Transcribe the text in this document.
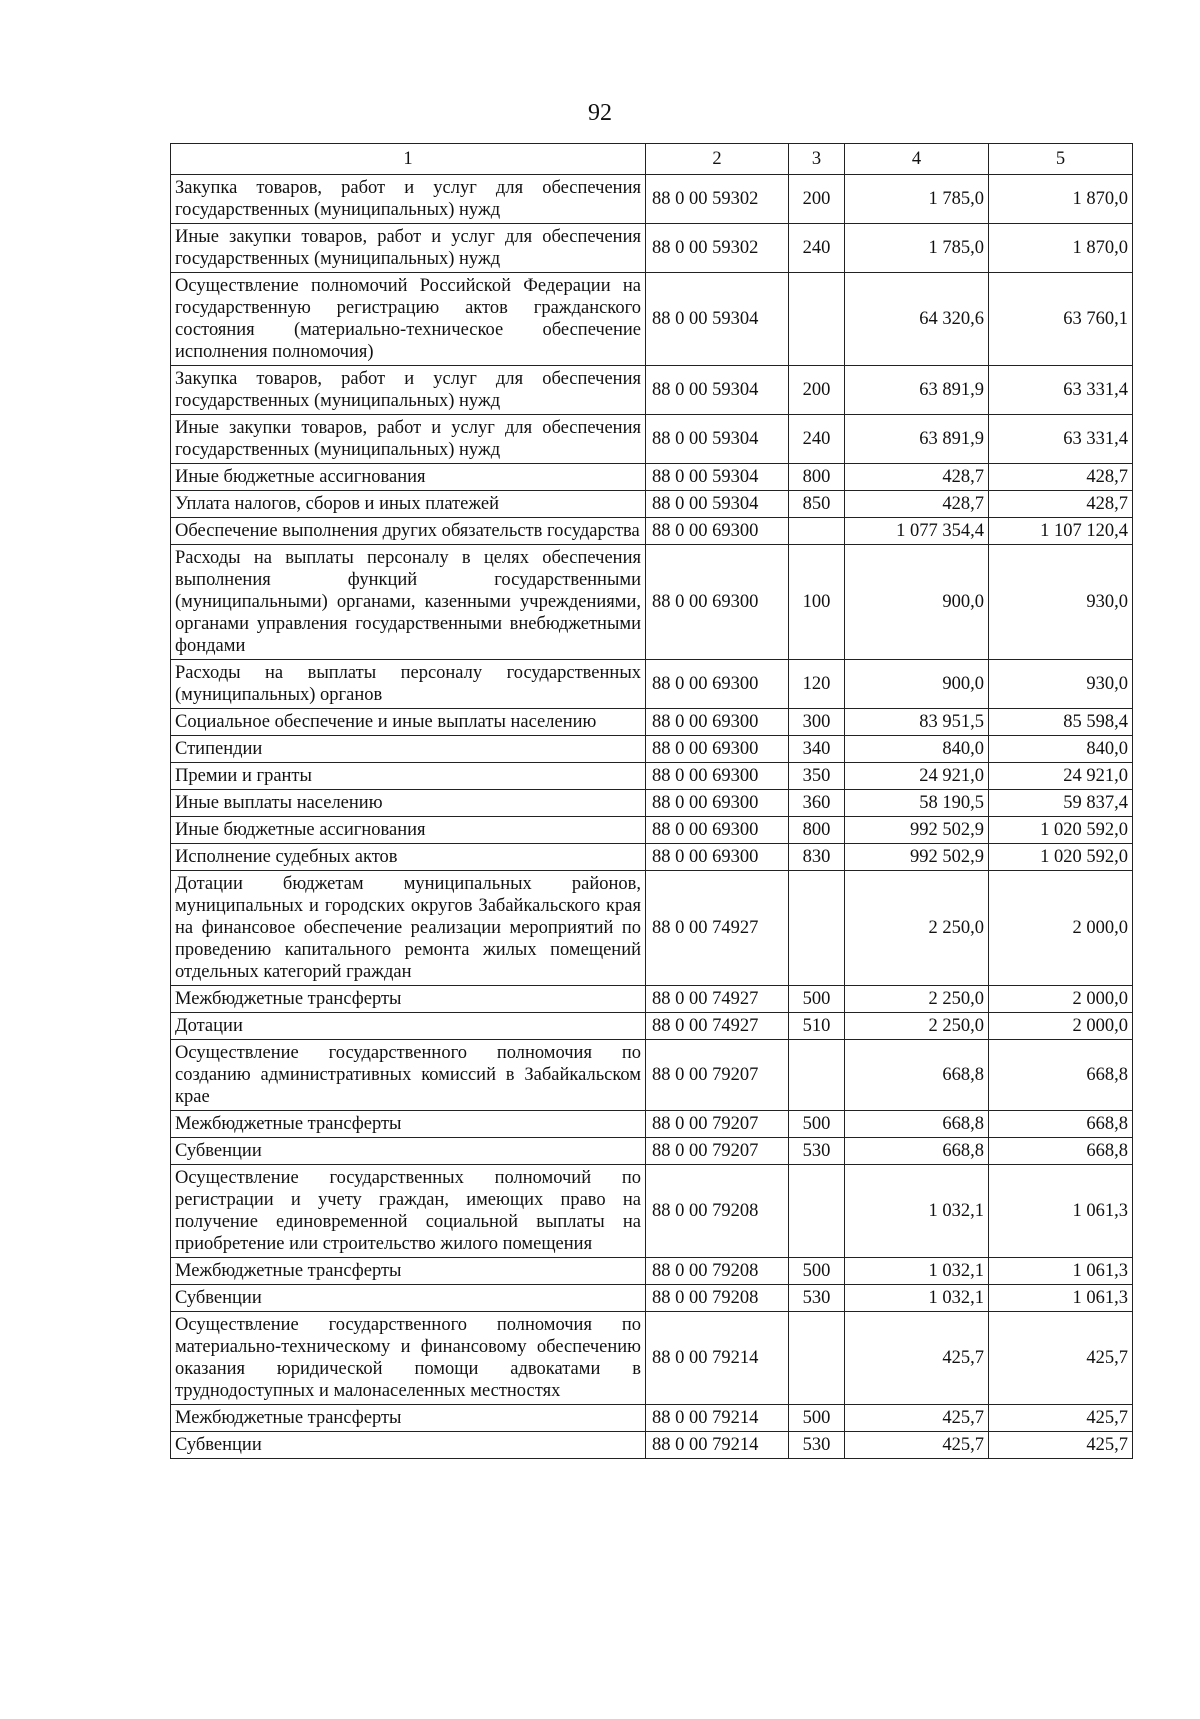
92
1	2	3	4	5
Закупка товаров, работ и услуг для обеспечения государственных (муниципальных) нужд	88 0 00 59302	200	1 785,0	1 870,0
Иные закупки товаров, работ и услуг для обеспечения государственных (муниципальных) нужд	88 0 00 59302	240	1 785,0	1 870,0
Осуществление полномочий Российской Федерации на государственную регистрацию актов гражданского состояния (материально-техническое обеспечение исполнения полномочия)	88 0 00 59304		64 320,6	63 760,1
Закупка товаров, работ и услуг для обеспечения государственных (муниципальных) нужд	88 0 00 59304	200	63 891,9	63 331,4
Иные закупки товаров, работ и услуг для обеспечения государственных (муниципальных) нужд	88 0 00 59304	240	63 891,9	63 331,4
Иные бюджетные ассигнования	88 0 00 59304	800	428,7	428,7
Уплата налогов, сборов и иных платежей	88 0 00 59304	850	428,7	428,7
Обеспечение выполнения других обязательств государства	88 0 00 69300		1 077 354,4	1 107 120,4
Расходы на выплаты персоналу в целях обеспечения выполнения функций государственными (муниципальными) органами, казенными учреждениями, органами управления государственными внебюджетными фондами	88 0 00 69300	100	900,0	930,0
Расходы на выплаты персоналу государственных (муниципальных) органов	88 0 00 69300	120	900,0	930,0
Социальное обеспечение и иные выплаты населению	88 0 00 69300	300	83 951,5	85 598,4
Стипендии	88 0 00 69300	340	840,0	840,0
Премии и гранты	88 0 00 69300	350	24 921,0	24 921,0
Иные выплаты населению	88 0 00 69300	360	58 190,5	59 837,4
Иные бюджетные ассигнования	88 0 00 69300	800	992 502,9	1 020 592,0
Исполнение судебных актов	88 0 00 69300	830	992 502,9	1 020 592,0
Дотации бюджетам муниципальных районов, муниципальных и городских округов Забайкальского края на финансовое обеспечение реализации мероприятий по проведению капитального ремонта жилых помещений отдельных категорий граждан	88 0 00 74927		2 250,0	2 000,0
Межбюджетные трансферты	88 0 00 74927	500	2 250,0	2 000,0
Дотации	88 0 00 74927	510	2 250,0	2 000,0
Осуществление государственного полномочия по созданию административных комиссий в Забайкальском крае	88 0 00 79207		668,8	668,8
Межбюджетные трансферты	88 0 00 79207	500	668,8	668,8
Субвенции	88 0 00 79207	530	668,8	668,8
Осуществление государственных полномочий по регистрации и учету граждан, имеющих право на получение единовременной социальной выплаты на приобретение или строительство жилого помещения	88 0 00 79208		1 032,1	1 061,3
Межбюджетные трансферты	88 0 00 79208	500	1 032,1	1 061,3
Субвенции	88 0 00 79208	530	1 032,1	1 061,3
Осуществление государственного полномочия по материально-техническому и финансовому обеспечению оказания юридической помощи адвокатами в труднодоступных и малонаселенных местностях	88 0 00 79214		425,7	425,7
Межбюджетные трансферты	88 0 00 79214	500	425,7	425,7
Субвенции	88 0 00 79214	530	425,7	425,7
